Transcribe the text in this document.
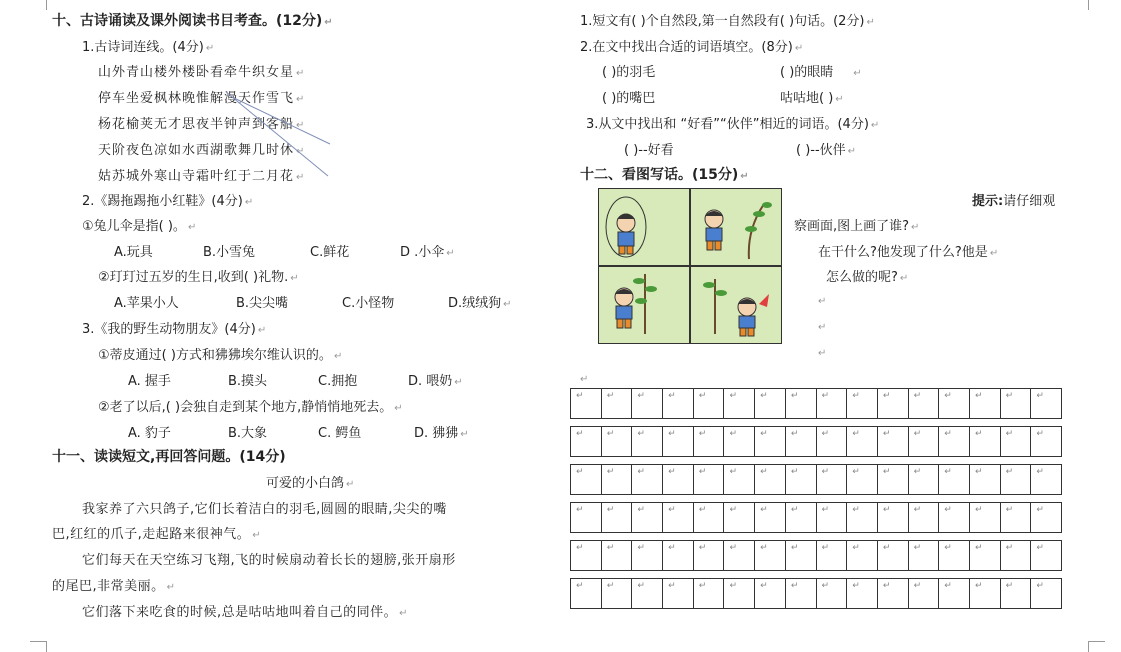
十、古诗诵读及课外阅读书目考查。(12分) ↵
1.古诗词连线。(4分) ↵
山外青山楼外楼卧看牵牛织女星 ↵
停车坐爱枫林晚惟解漫天作雪飞 ↵
杨花榆荚无才思夜半钟声到客船 ↵
天阶夜色凉如水西湖歌舞几时休 ↵
姑苏城外寒山寺霜叶红于二月花 ↵
2.《踢拖踢拖小红鞋》(4分) ↵
①兔儿伞是指( )。 ↵
A.玩具	B.小雪兔	C.鲜花	D .小伞 ↵
②玎玎过五岁的生日,收到( )礼物. ↵
A.苹果小人	B.尖尖嘴	C.小怪物	D.绒绒狗 ↵
3.《我的野生动物朋友》(4分) ↵
①蒂皮通过( )方式和狒狒埃尔维认识的。 ↵
A. 握手	B.摸头	C.拥抱	D. 喂奶 ↵
②老了以后,( )会独自走到某个地方,静悄悄地死去。 ↵
A. 豹子	B.大象	C. 鳄鱼	D. 狒狒 ↵
十一、读读短文,再回答问题。(14分)
可爱的小白鸽 ↵
我家养了六只鸽子,它们长着洁白的羽毛,圆圆的眼睛,尖尖的嘴
巴,红红的爪子,走起路来很神气。 ↵
它们每天在天空练习飞翔,飞的时候扇动着长长的翅膀,张开扇形
的尾巴,非常美丽。 ↵
它们落下来吃食的时候,总是咕咕地叫着自己的同伴。 ↵
1.短文有( )个自然段,第一自然段有( )句话。(2分) ↵
2.在文中找出合适的词语填空。(8分) ↵
( )的羽毛	( )的眼睛 ↵
( )的嘴巴	咕咕地( ) ↵
3.从文中找出和 “好看”“伙伴”相近的词语。(4分) ↵
( )--好看	( )--伙伴 ↵
十二、看图写话。(15分) ↵
提示:请仔细观
察画面,图上画了谁? ↵
在干什么?他发现了什么?他是 ↵
怎么做的呢? ↵
↵
↵
↵
↵
↵	↵	↵	↵	↵	↵	↵	↵	↵	↵	↵	↵	↵	↵	↵	↵
↵	↵	↵	↵	↵	↵	↵	↵	↵	↵	↵	↵	↵	↵	↵	↵
↵	↵	↵	↵	↵	↵	↵	↵	↵	↵	↵	↵	↵	↵	↵	↵
↵	↵	↵	↵	↵	↵	↵	↵	↵	↵	↵	↵	↵	↵	↵	↵
↵	↵	↵	↵	↵	↵	↵	↵	↵	↵	↵	↵	↵	↵	↵	↵
↵	↵	↵	↵	↵	↵	↵	↵	↵	↵	↵	↵	↵	↵	↵	↵
